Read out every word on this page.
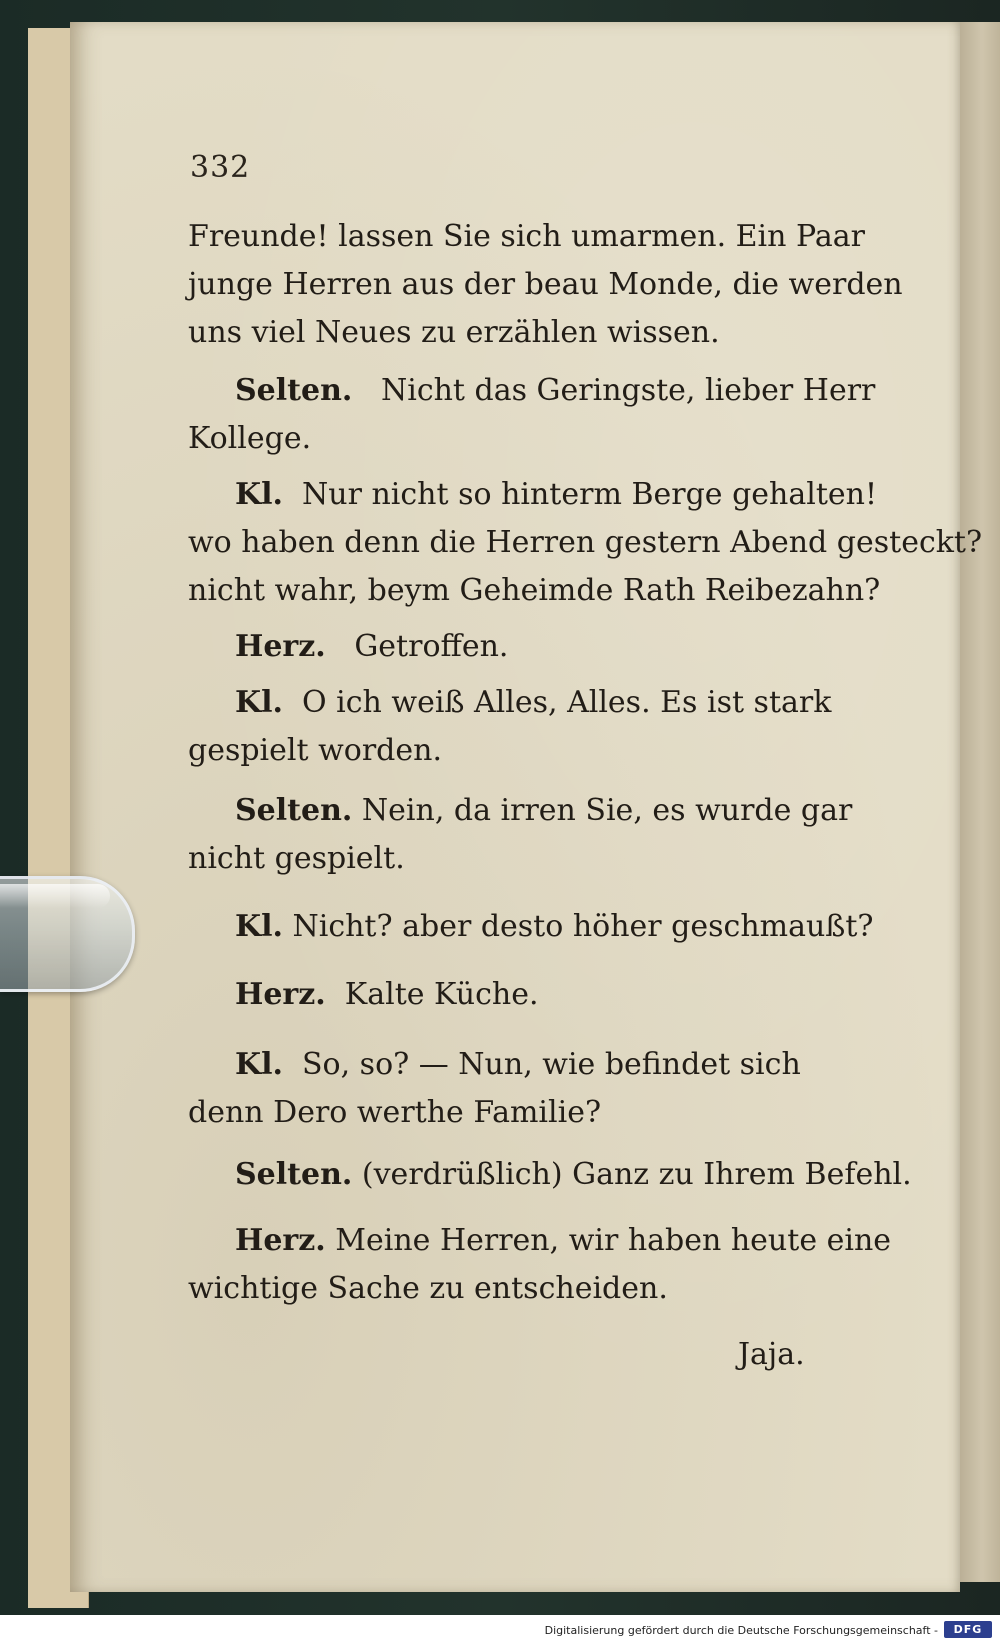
332
Freunde! lassen Sie sich umarmen. Ein Paar
junge Herren aus der beau Monde, die werden
uns viel Neues zu erzählen wissen.
Selten. Nicht das Geringste, lieber Herr
Kollege.
Kl. Nur nicht so hinterm Berge gehalten!
wo haben denn die Herren gestern Abend gesteckt?
nicht wahr, beym Geheimde Rath Reibezahn?
Herz. Getroffen.
Kl. O ich weiß Alles, Alles. Es ist stark
gespielt worden.
Selten. Nein, da irren Sie, es wurde gar
nicht gespielt.
Kl. Nicht? aber desto höher geschmaußt?
Herz. Kalte Küche.
Kl. So, so? — Nun, wie befindet sich
denn Dero werthe Familie?
Selten. (verdrüßlich) Ganz zu Ihrem Befehl.
Herz. Meine Herren, wir haben heute eine
wichtige Sache zu entscheiden.
Jaja.
Digitalisierung gefördert durch die Deutsche Forschungsgemeinschaft -	DFG
